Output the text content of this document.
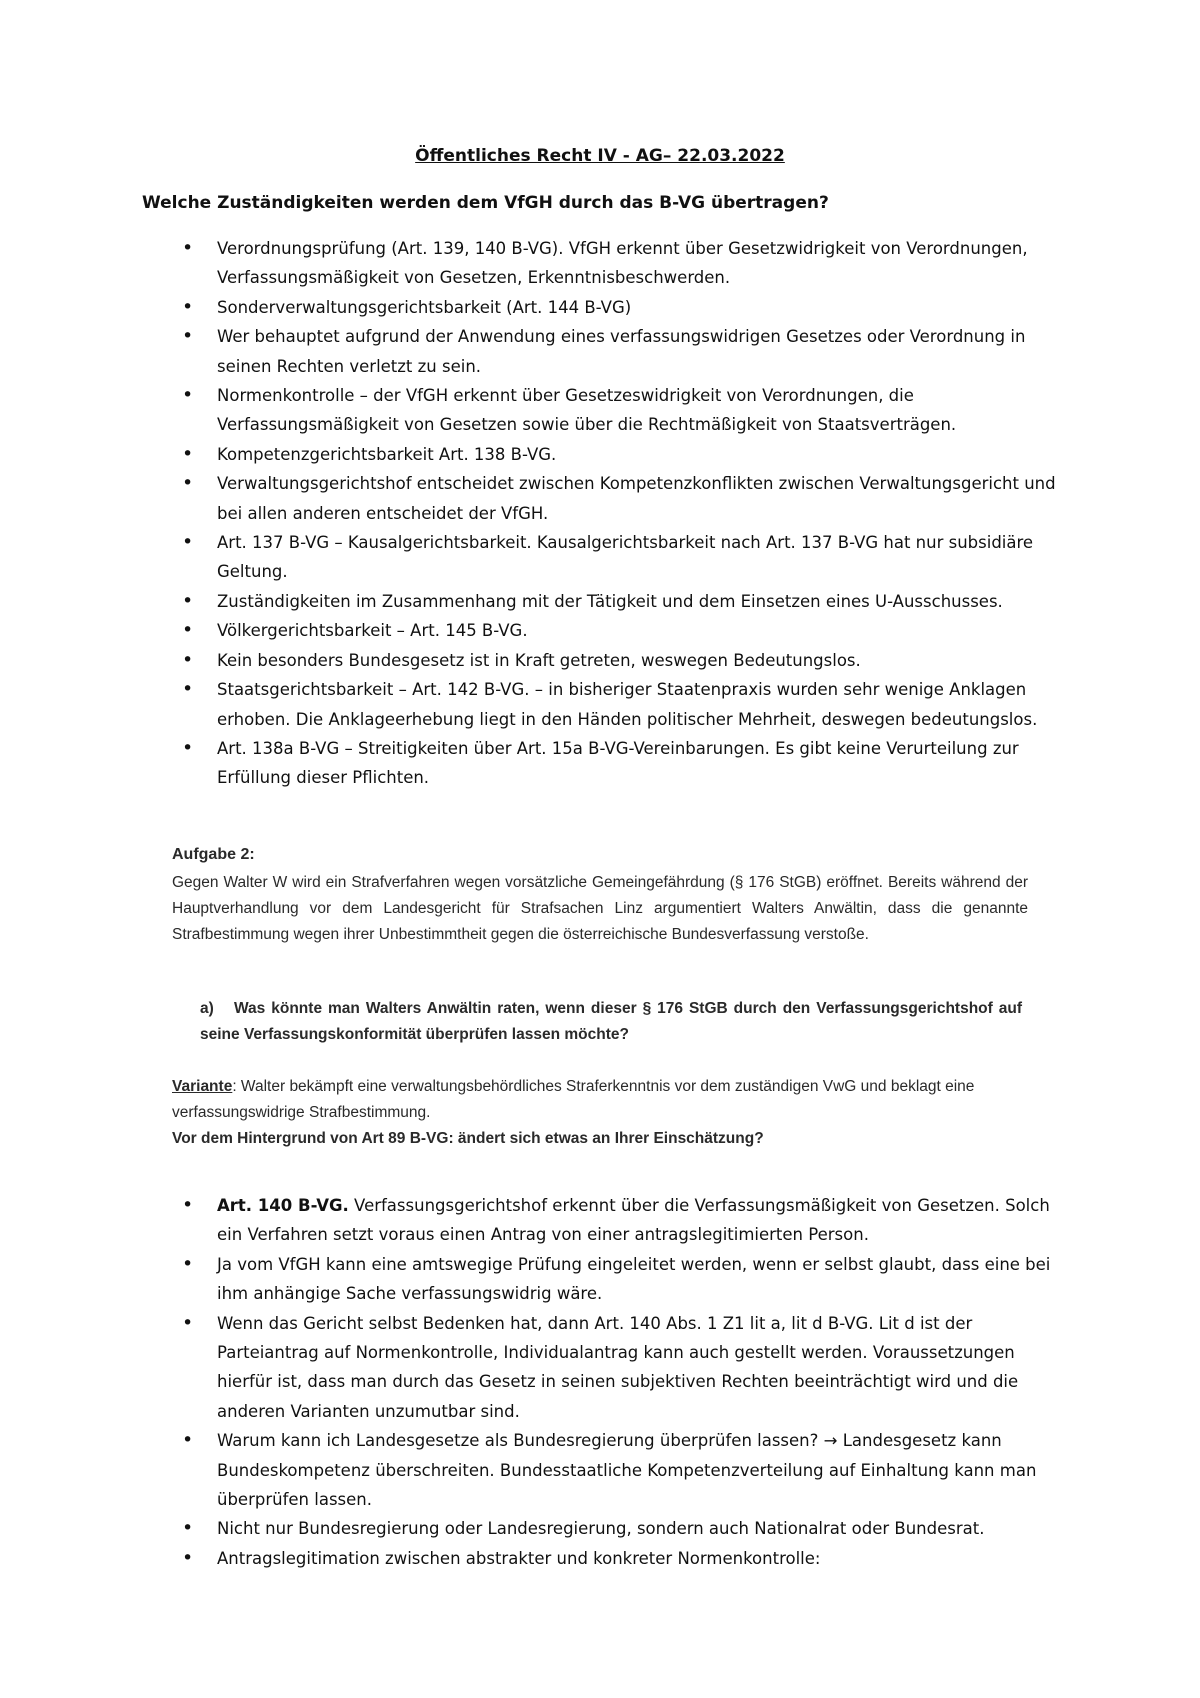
Öffentliches Recht IV - AG– 22.03.2022

Welche Zuständigkeiten werden dem VfGH durch das B-VG übertragen?

• Verordnungsprüfung (Art. 139, 140 B-VG). VfGH erkennt über Gesetzwidrigkeit von Verordnungen, Verfassungsmäßigkeit von Gesetzen, Erkenntnisbeschwerden.
• Sonderverwaltungsgerichtsbarkeit (Art. 144 B-VG)
• Wer behauptet aufgrund der Anwendung eines verfassungswidrigen Gesetzes oder Verordnung in seinen Rechten verletzt zu sein.
• Normenkontrolle – der VfGH erkennt über Gesetzeswidrigkeit von Verordnungen, die Verfassungsmäßigkeit von Gesetzen sowie über die Rechtmäßigkeit von Staatsverträgen.
• Kompetenzgerichtsbarkeit Art. 138 B-VG.
• Verwaltungsgerichtshof entscheidet zwischen Kompetenzkonflikten zwischen Verwaltungsgericht und bei allen anderen entscheidet der VfGH.
• Art. 137 B-VG – Kausalgerichtsbarkeit. Kausalgerichtsbarkeit nach Art. 137 B-VG hat nur subsidiäre Geltung.
• Zuständigkeiten im Zusammenhang mit der Tätigkeit und dem Einsetzen eines U-Ausschusses.
• Völkergerichtsbarkeit – Art. 145 B-VG.
• Kein besonders Bundesgesetz ist in Kraft getreten, weswegen Bedeutungslos.
• Staatsgerichtsbarkeit – Art. 142 B-VG. – in bisheriger Staatenpraxis wurden sehr wenige Anklagen erhoben. Die Anklageerhebung liegt in den Händen politischer Mehrheit, deswegen bedeutungslos.
• Art. 138a B-VG – Streitigkeiten über Art. 15a B-VG-Vereinbarungen. Es gibt keine Verurteilung zur Erfüllung dieser Pflichten.
Aufgabe 2:

Gegen Walter W wird ein Strafverfahren wegen vorsätzliche Gemeingefährdung (§ 176 StGB) eröffnet. Bereits während der Hauptverhandlung vor dem Landesgericht für Strafsachen Linz argumentiert Walters Anwältin, dass die genannte Strafbestimmung wegen ihrer Unbestimmtheit gegen die österreichische Bundesverfassung verstoße.

a) Was könnte man Walters Anwältin raten, wenn dieser § 176 StGB durch den Verfassungsgerichtshof auf seine Verfassungskonformität überprüfen lassen möchte?

Variante: Walter bekämpft eine verwaltungsbehördliches Straferkenntnis vor dem zuständigen VwG und beklagt eine verfassungswidrige Strafbestimmung.

Vor dem Hintergrund von Art 89 B-VG: ändert sich etwas an Ihrer Einschätzung?

• Art. 140 B-VG. Verfassungsgerichtshof erkennt über die Verfassungsmäßigkeit von Gesetzen. Solch ein Verfahren setzt voraus einen Antrag von einer antragslegitimierten Person.
• Ja vom VfGH kann eine amtswegige Prüfung eingeleitet werden, wenn er selbst glaubt, dass eine bei ihm anhängige Sache verfassungswidrig wäre.
• Wenn das Gericht selbst Bedenken hat, dann Art. 140 Abs. 1 Z1 lit a, lit d B-VG. Lit d ist der Parteiantrag auf Normenkontrolle, Individualantrag kann auch gestellt werden. Voraussetzungen hierfür ist, dass man durch das Gesetz in seinen subjektiven Rechten beeinträchtigt wird und die anderen Varianten unzumutbar sind.
• Warum kann ich Landesgesetze als Bundesregierung überprüfen lassen? → Landesgesetz kann Bundeskompetenz überschreiten. Bundesstaatliche Kompetenzverteilung auf Einhaltung kann man überprüfen lassen.
• Nicht nur Bundesregierung oder Landesregierung, sondern auch Nationalrat oder Bundesrat.
• Antragslegitimation zwischen abstrakter und konkreter Normenkontrolle:
